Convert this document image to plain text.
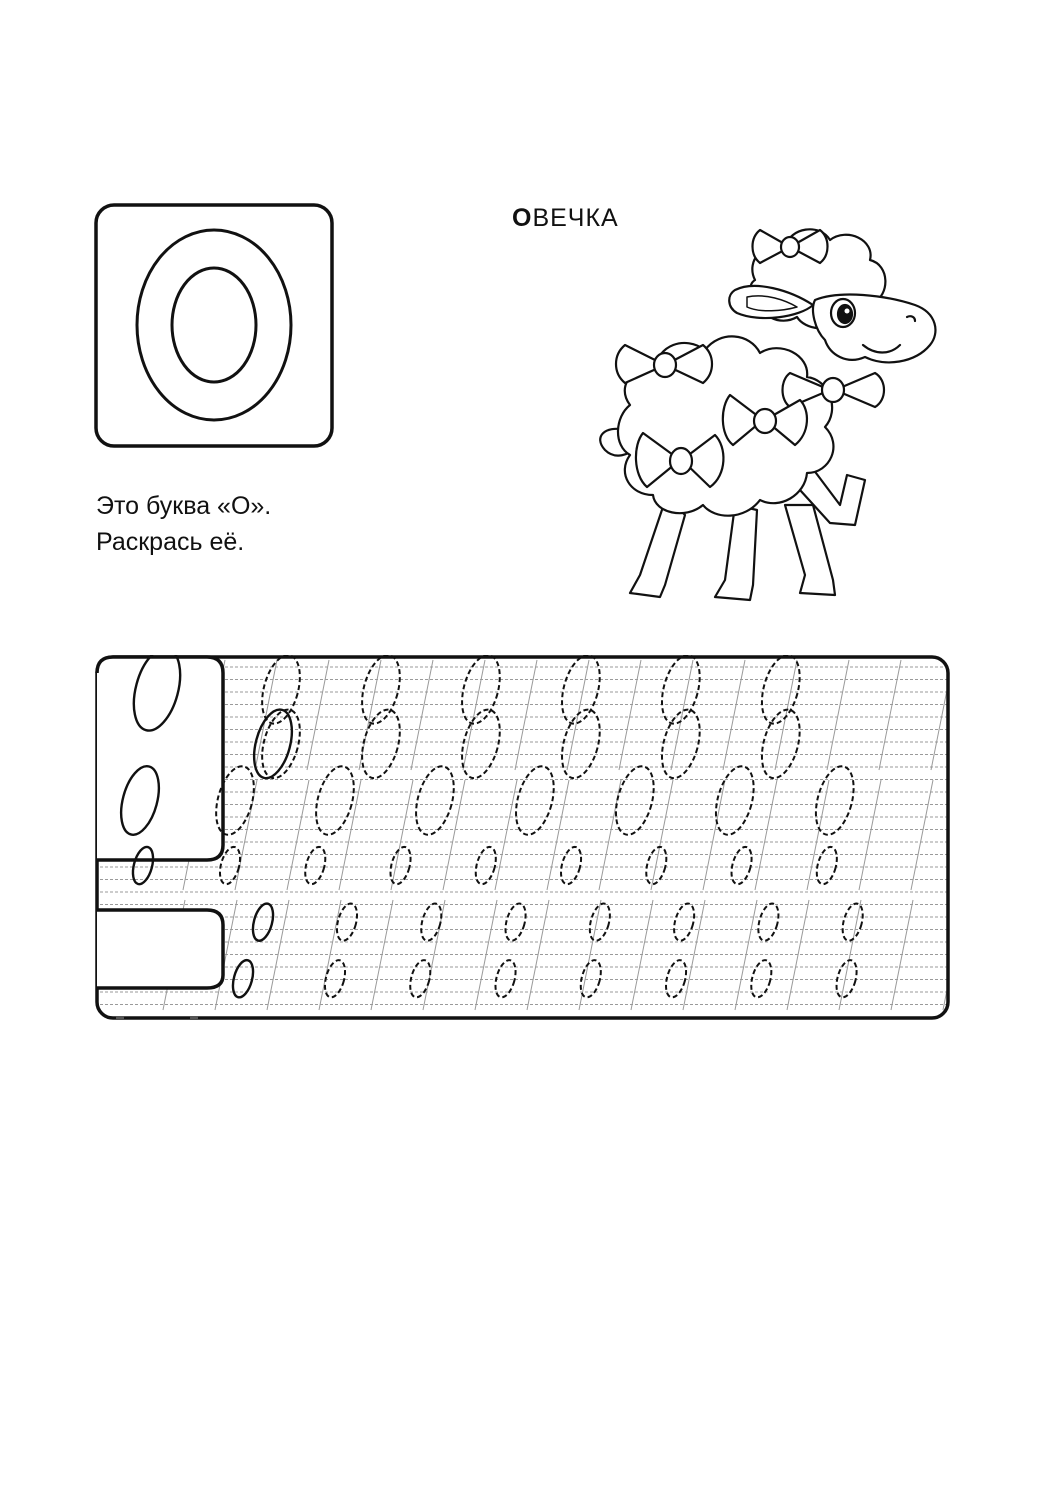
Это буква «О».
Раскрась её.
ОВЕЧКА
